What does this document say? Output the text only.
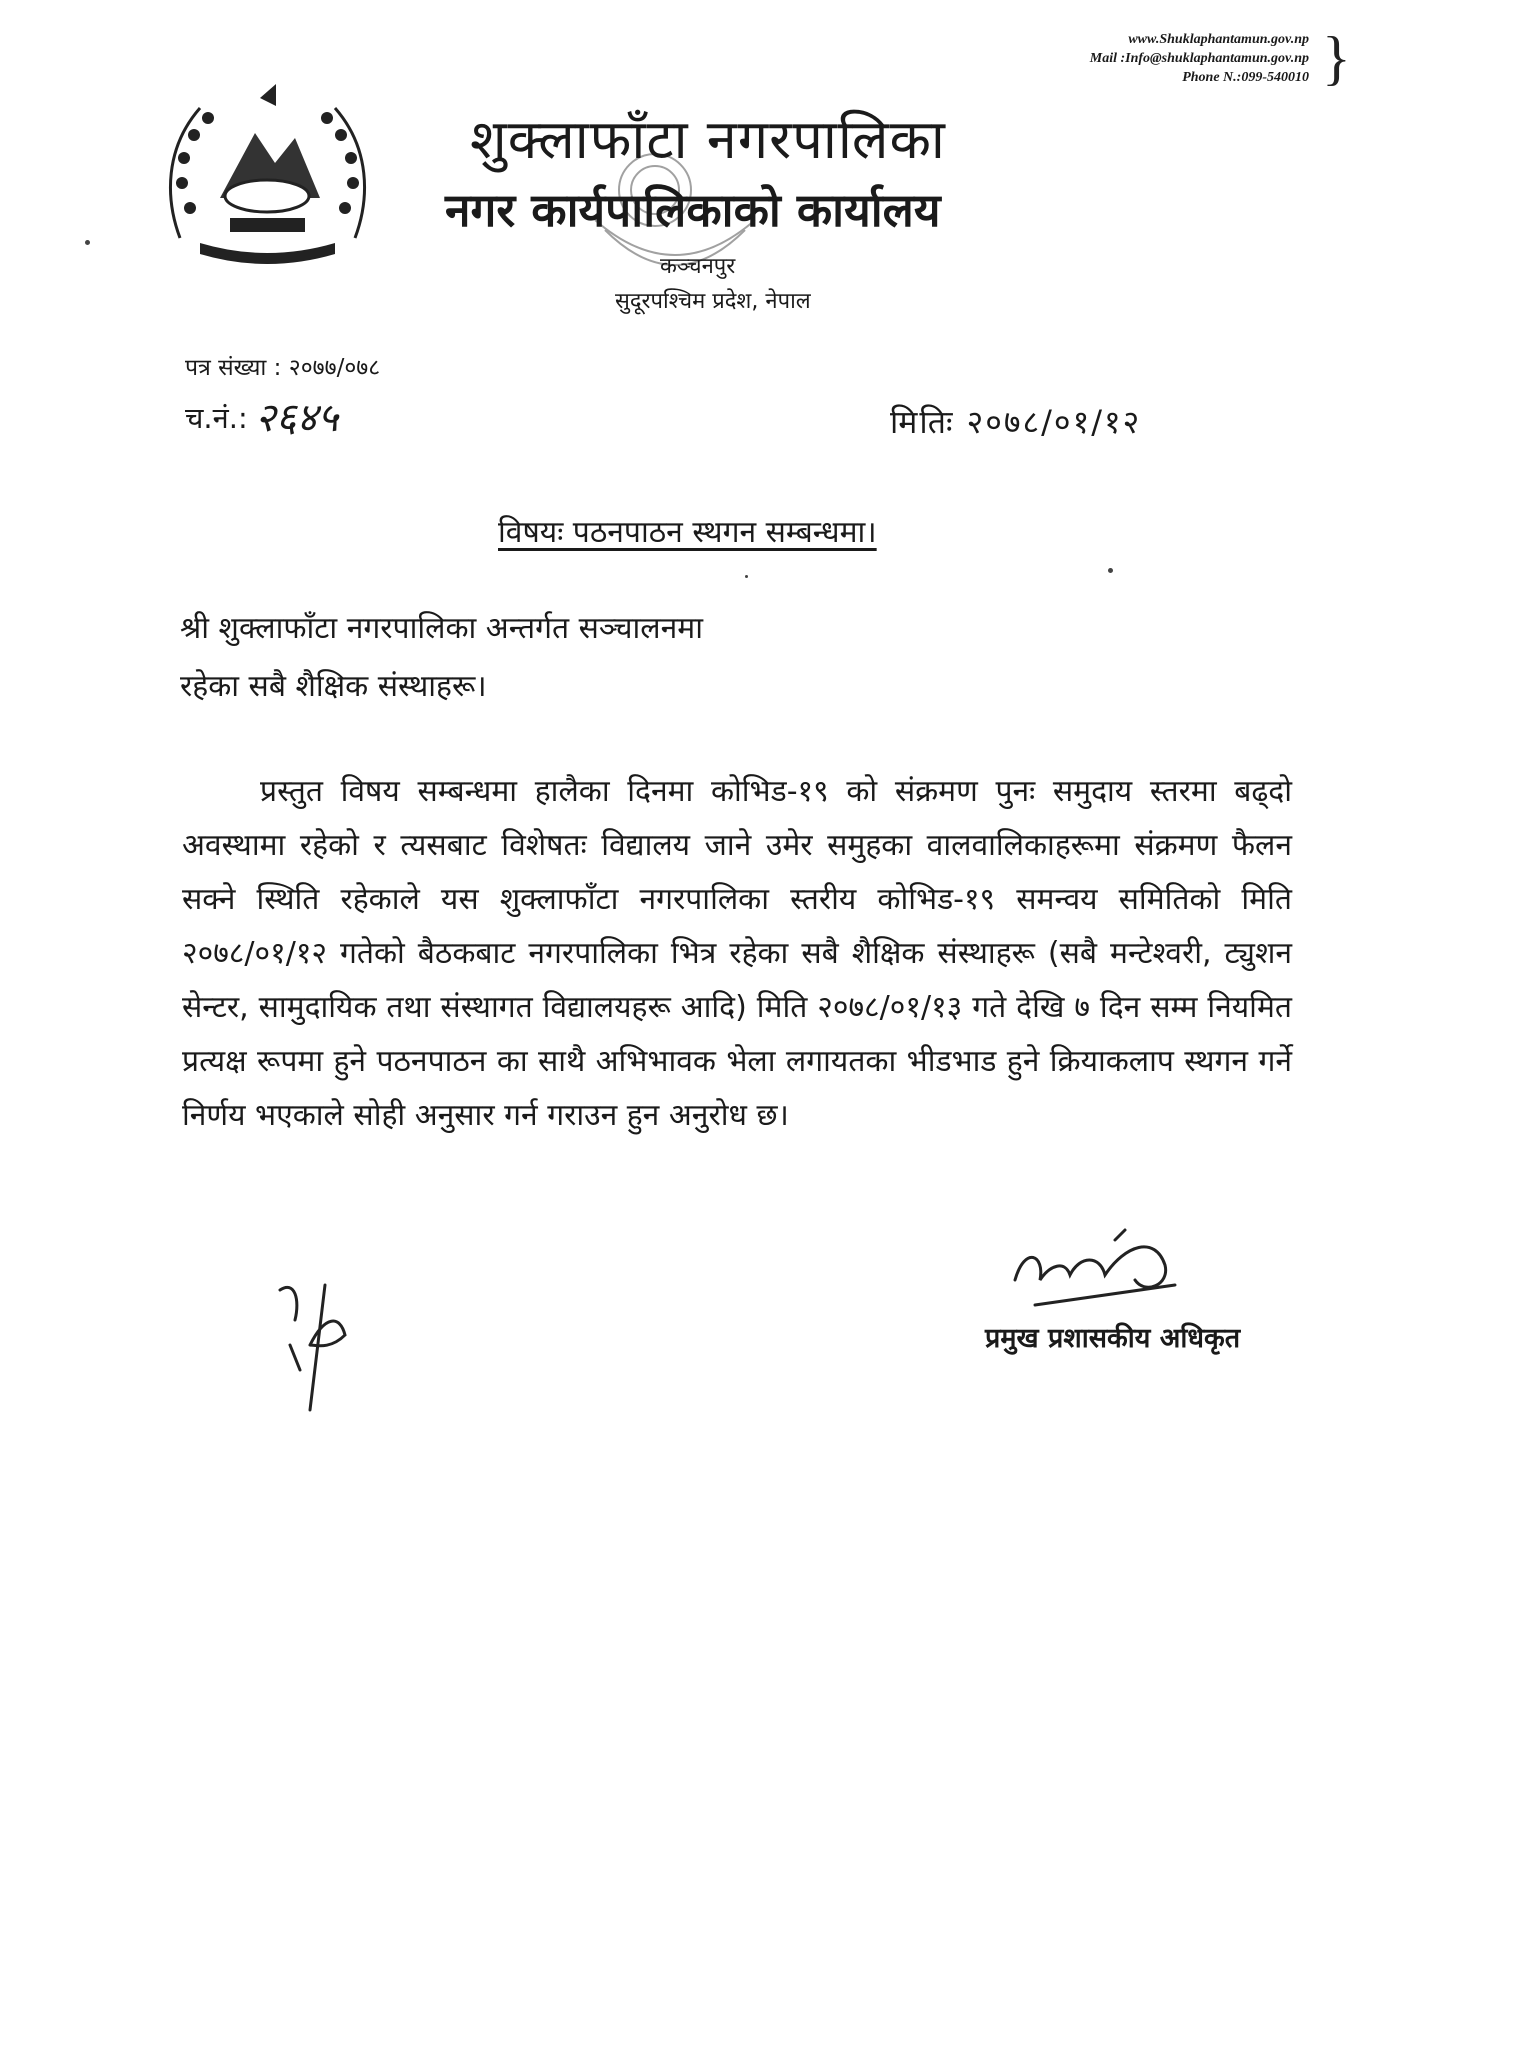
www.Shuklaphantamun.gov.np
Mail :Info@shuklaphantamun.gov.np
Phone N.:099-540010 }
शुक्लाफाँटा नगरपालिका
नगर कार्यपालिकाको कार्यालय
कञ्चनपुर
सुदूरपश्चिम प्रदेश, नेपाल
पत्र संख्या : २०७७/०७८
च.नं.: २६४५	मितिः २०७८/०१/१२
विषयः पठनपाठन स्थगन सम्बन्धमा।
श्री शुक्लाफाँटा नगरपालिका अन्तर्गत सञ्चालनमा
रहेका सबै शैक्षिक संस्थाहरू।
प्रस्तुत विषय सम्बन्धमा हालैका दिनमा कोभिड-१९ को संक्रमण पुनः समुदाय स्तरमा बढ्दो अवस्थामा रहेको र त्यसबाट विशेषतः विद्यालय जाने उमेर समुहका वालवालिकाहरूमा संक्रमण फैलन सक्ने स्थिति रहेकाले यस शुक्लाफाँटा नगरपालिका स्तरीय कोभिड-१९ समन्वय समितिको मिति २०७८/०१/१२ गतेको बैठकबाट नगरपालिका भित्र रहेका सबै शैक्षिक संस्थाहरू (सबै मन्टेश्वरी, ट्युशन सेन्टर, सामुदायिक तथा संस्थागत विद्यालयहरू आदि) मिति २०७८/०१/१३ गते देखि ७ दिन सम्म नियमित प्रत्यक्ष रूपमा हुने पठनपाठन का साथै अभिभावक भेला लगायतका भीडभाड हुने क्रियाकलाप स्थगन गर्ने निर्णय भएकाले सोही अनुसार गर्न गराउन हुन अनुरोध छ।
प्रमुख प्रशासकीय अधिकृत
